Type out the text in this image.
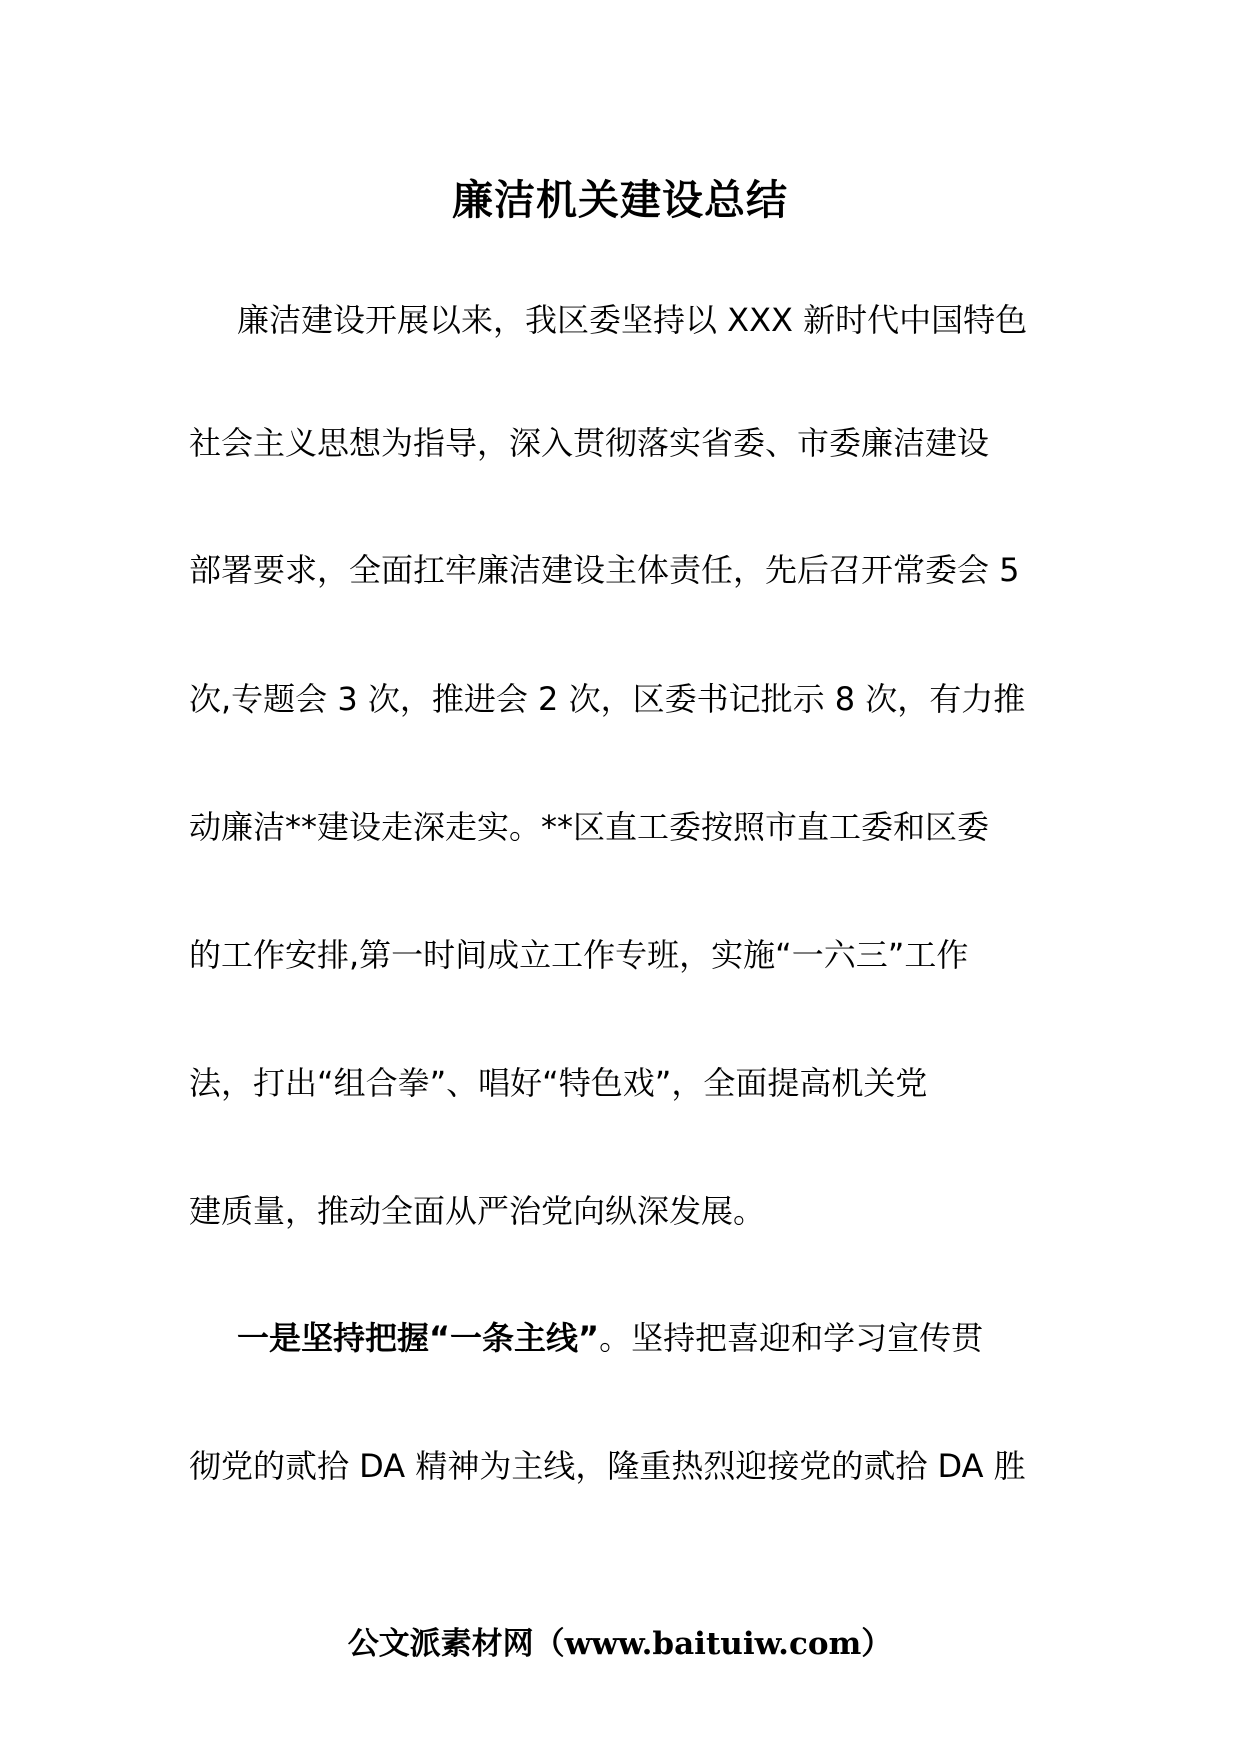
廉洁机关建设总结
廉洁建设开展以来，我区委坚持以 XXX 新时代中国特色
社会主义思想为指导，深入贯彻落实省委、市委廉洁建设
部署要求，全面扛牢廉洁建设主体责任，先后召开常委会 5
次,专题会 3 次，推进会 2 次，区委书记批示 8 次，有力推
动廉洁**建设走深走实。**区直工委按照市直工委和区委
的工作安排,第一时间成立工作专班，实施“一六三”工作
法，打出“组合拳”、唱好“特色戏”，全面提高机关党
建质量，推动全面从严治党向纵深发展。
一是坚持把握“一条主线”。坚持把喜迎和学习宣传贯
彻党的贰拾 DA 精神为主线，隆重热烈迎接党的贰拾 DA 胜
公文派素材网（www.baituiw.com）
